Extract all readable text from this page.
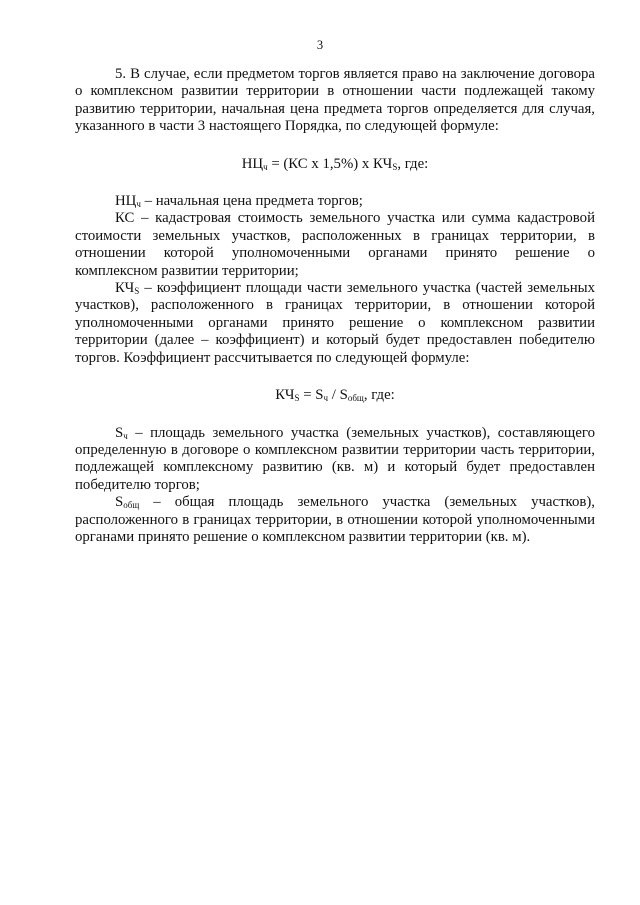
3

5. В случае, если предметом торгов является право на заключение договора о комплексном развитии территории в отношении части подлежащей такому развитию территории, начальная цена предмета торгов определяется для случая, указанного в части 3 настоящего Порядка, по следующей формуле:

$НЦ_ч = (КС$ x 1,5%) x $КЧ_S$, где:

$НЦ_ч$ – начальная цена предмета торгов;

КС – кадастровая стоимость земельного участка или сумма кадастровой стоимости земельных участков, расположенных в границах территории, в отношении которой уполномоченными органами принято решение о комплексном развитии территории;

$КЧ_S$ – коэффициент площади части земельного участка (частей земельных участков), расположенного в границах территории, в отношении которой уполномоченными органами принято решение о комплексном развитии территории (далее – коэффициент) и который будет предоставлен победителю торгов. Коэффициент рассчитывается по следующей формуле:

$КЧ_S = S_ч / S_{общ}$, где:

$S_ч$ – площадь земельного участка (земельных участков), составляющего определенную в договоре о комплексном развитии территории часть территории, подлежащей комплексному развитию (кв. м) и который будет предоставлен победителю торгов;

$S_{общ}$ – общая площадь земельного участка (земельных участков), расположенного в границах территории, в отношении которой уполномоченными органами принято решение о комплексном развитии территории (кв. м).
